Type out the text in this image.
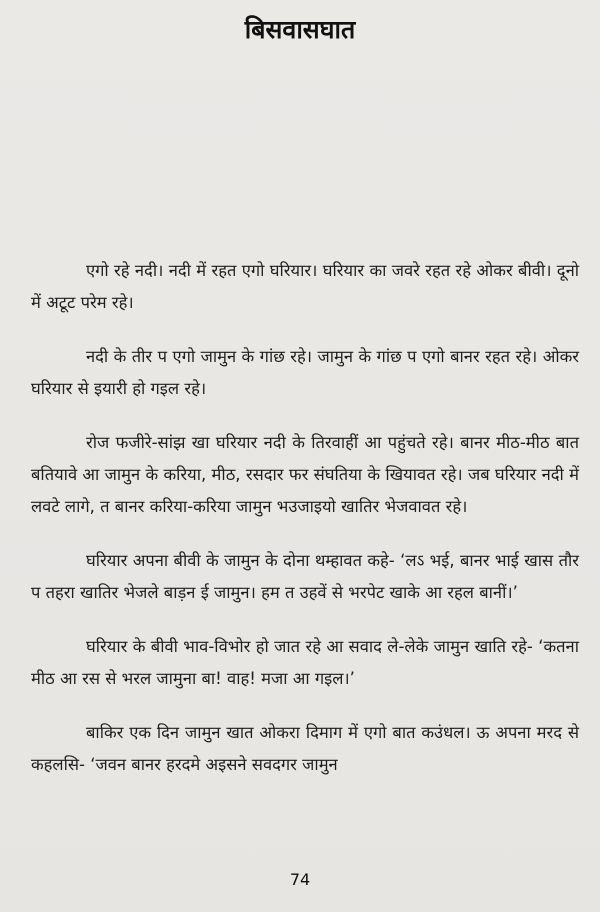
बिसवासघात

एगो रहे नदी। नदी में रहत एगो घरियार। घरियार का जवरे रहत रहे ओकर बीवी। दूनो में अटूट परेम रहे।

नदी के तीर प एगो जामुन के गांछ रहे। जामुन के गांछ प एगो बानर रहत रहे। ओकर घरियार से इयारी हो गइल रहे।

रोज फजीरे-सांझ खा घरियार नदी के तिरवाहीं आ पहुंचते रहे। बानर मीठ-मीठ बात बतियावे आ जामुन के करिया, मीठ, रसदार फर संघतिया के खियावत रहे। जब घरियार नदी में लवटे लागे, त बानर करिया-करिया जामुन भउजाइयो खातिर भेजवावत रहे।

घरियार अपना बीवी के जामुन के दोना थम्हावत कहे- ‘लऽ भई, बानर भाई खास तौर प तहरा खातिर भेजले बाड़न ई जामुन। हम त उहवें से भरपेट खाके आ रहल बानीं।’

घरियार के बीवी भाव-विभोर हो जात रहे आ सवाद ले-लेके जामुन खाति रहे- ‘कतना मीठ आ रस से भरल जामुना बा! वाह! मजा आ गइल।’

बाकिर एक दिन जामुन खात ओकरा दिमाग में एगो बात कउंधल। ऊ अपना मरद से कहलसि- ‘जवन बानर हरदमे अइसने सवदगर जामुन

74
